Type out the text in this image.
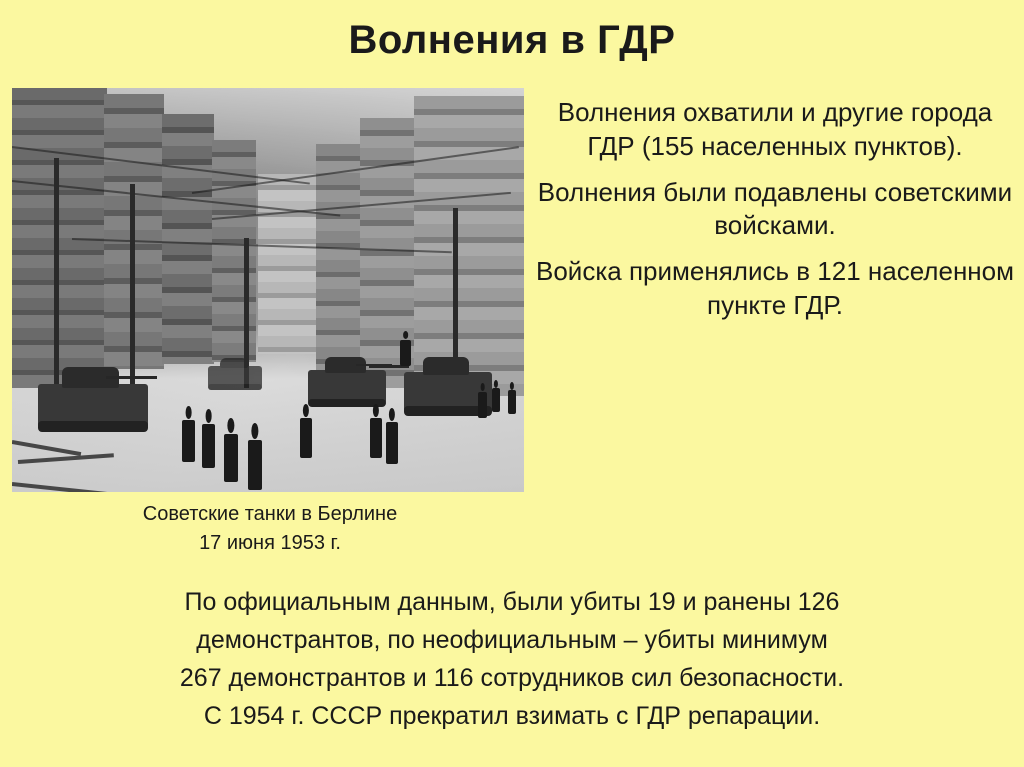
Волнения в ГДР

Волнения охватили и другие города ГДР (155 населенных пунктов).

Волнения были подавлены советскими войсками.

Войска применялись в 121 населенном пункте ГДР.

Советские танки в Берлине
17 июня 1953 г.

По официальным данным, были убиты 19 и ранены 126

демонстрантов, по неофициальным – убиты минимум

267 демонстрантов и 116 сотрудников сил безопасности.

С 1954 г. СССР прекратил взимать с ГДР репарации.
